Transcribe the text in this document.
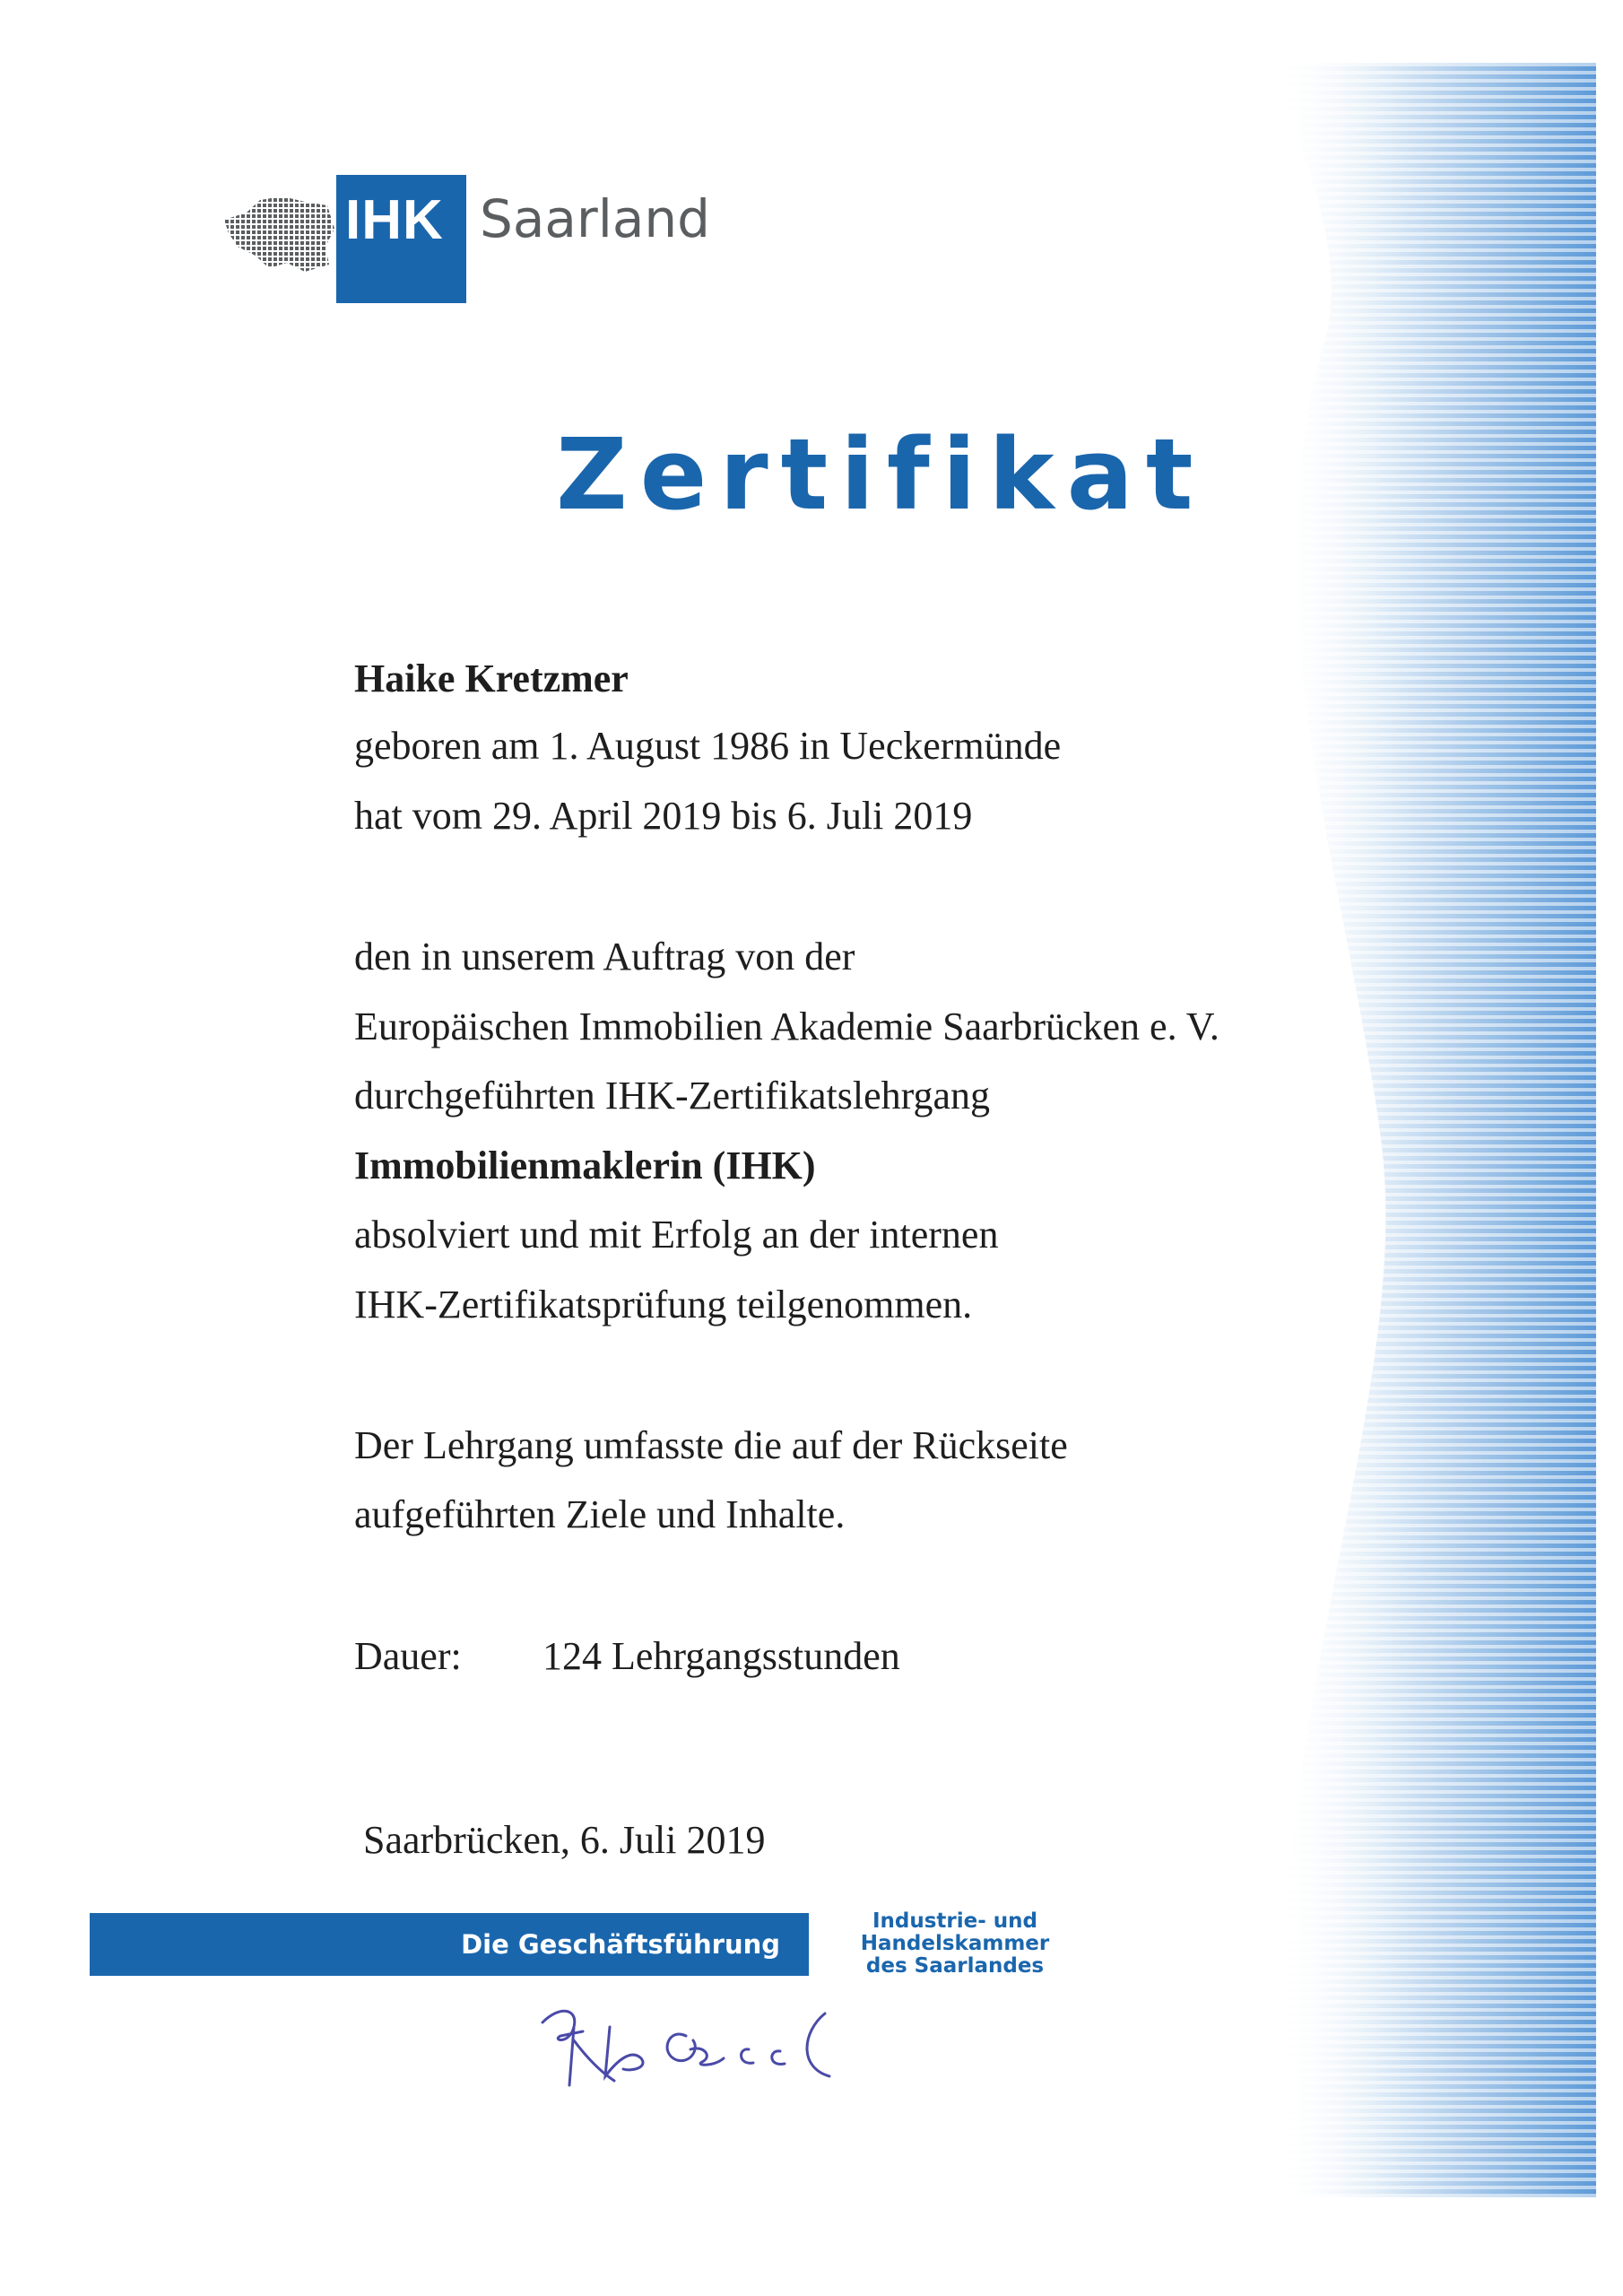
IHK Saarland
Zertifikat
Haike Kretzmer
geboren am 1. August 1986 in Ueckermünde
hat vom 29. April 2019 bis 6. Juli 2019
den in unserem Auftrag von der
Europäischen Immobilien Akademie Saarbrücken e. V.
durchgeführten IHK-Zertifikatslehrgang
Immobilienmaklerin (IHK)
absolviert und mit Erfolg an der internen
IHK-Zertifikatsprüfung teilgenommen.
Der Lehrgang umfasste die auf der Rückseite
aufgeführten Ziele und Inhalte.
Dauer: 124 Lehrgangsstunden
Saarbrücken, 6. Juli 2019
Die Geschäftsführung
Industrie- und
Handelskammer
des Saarlandes
